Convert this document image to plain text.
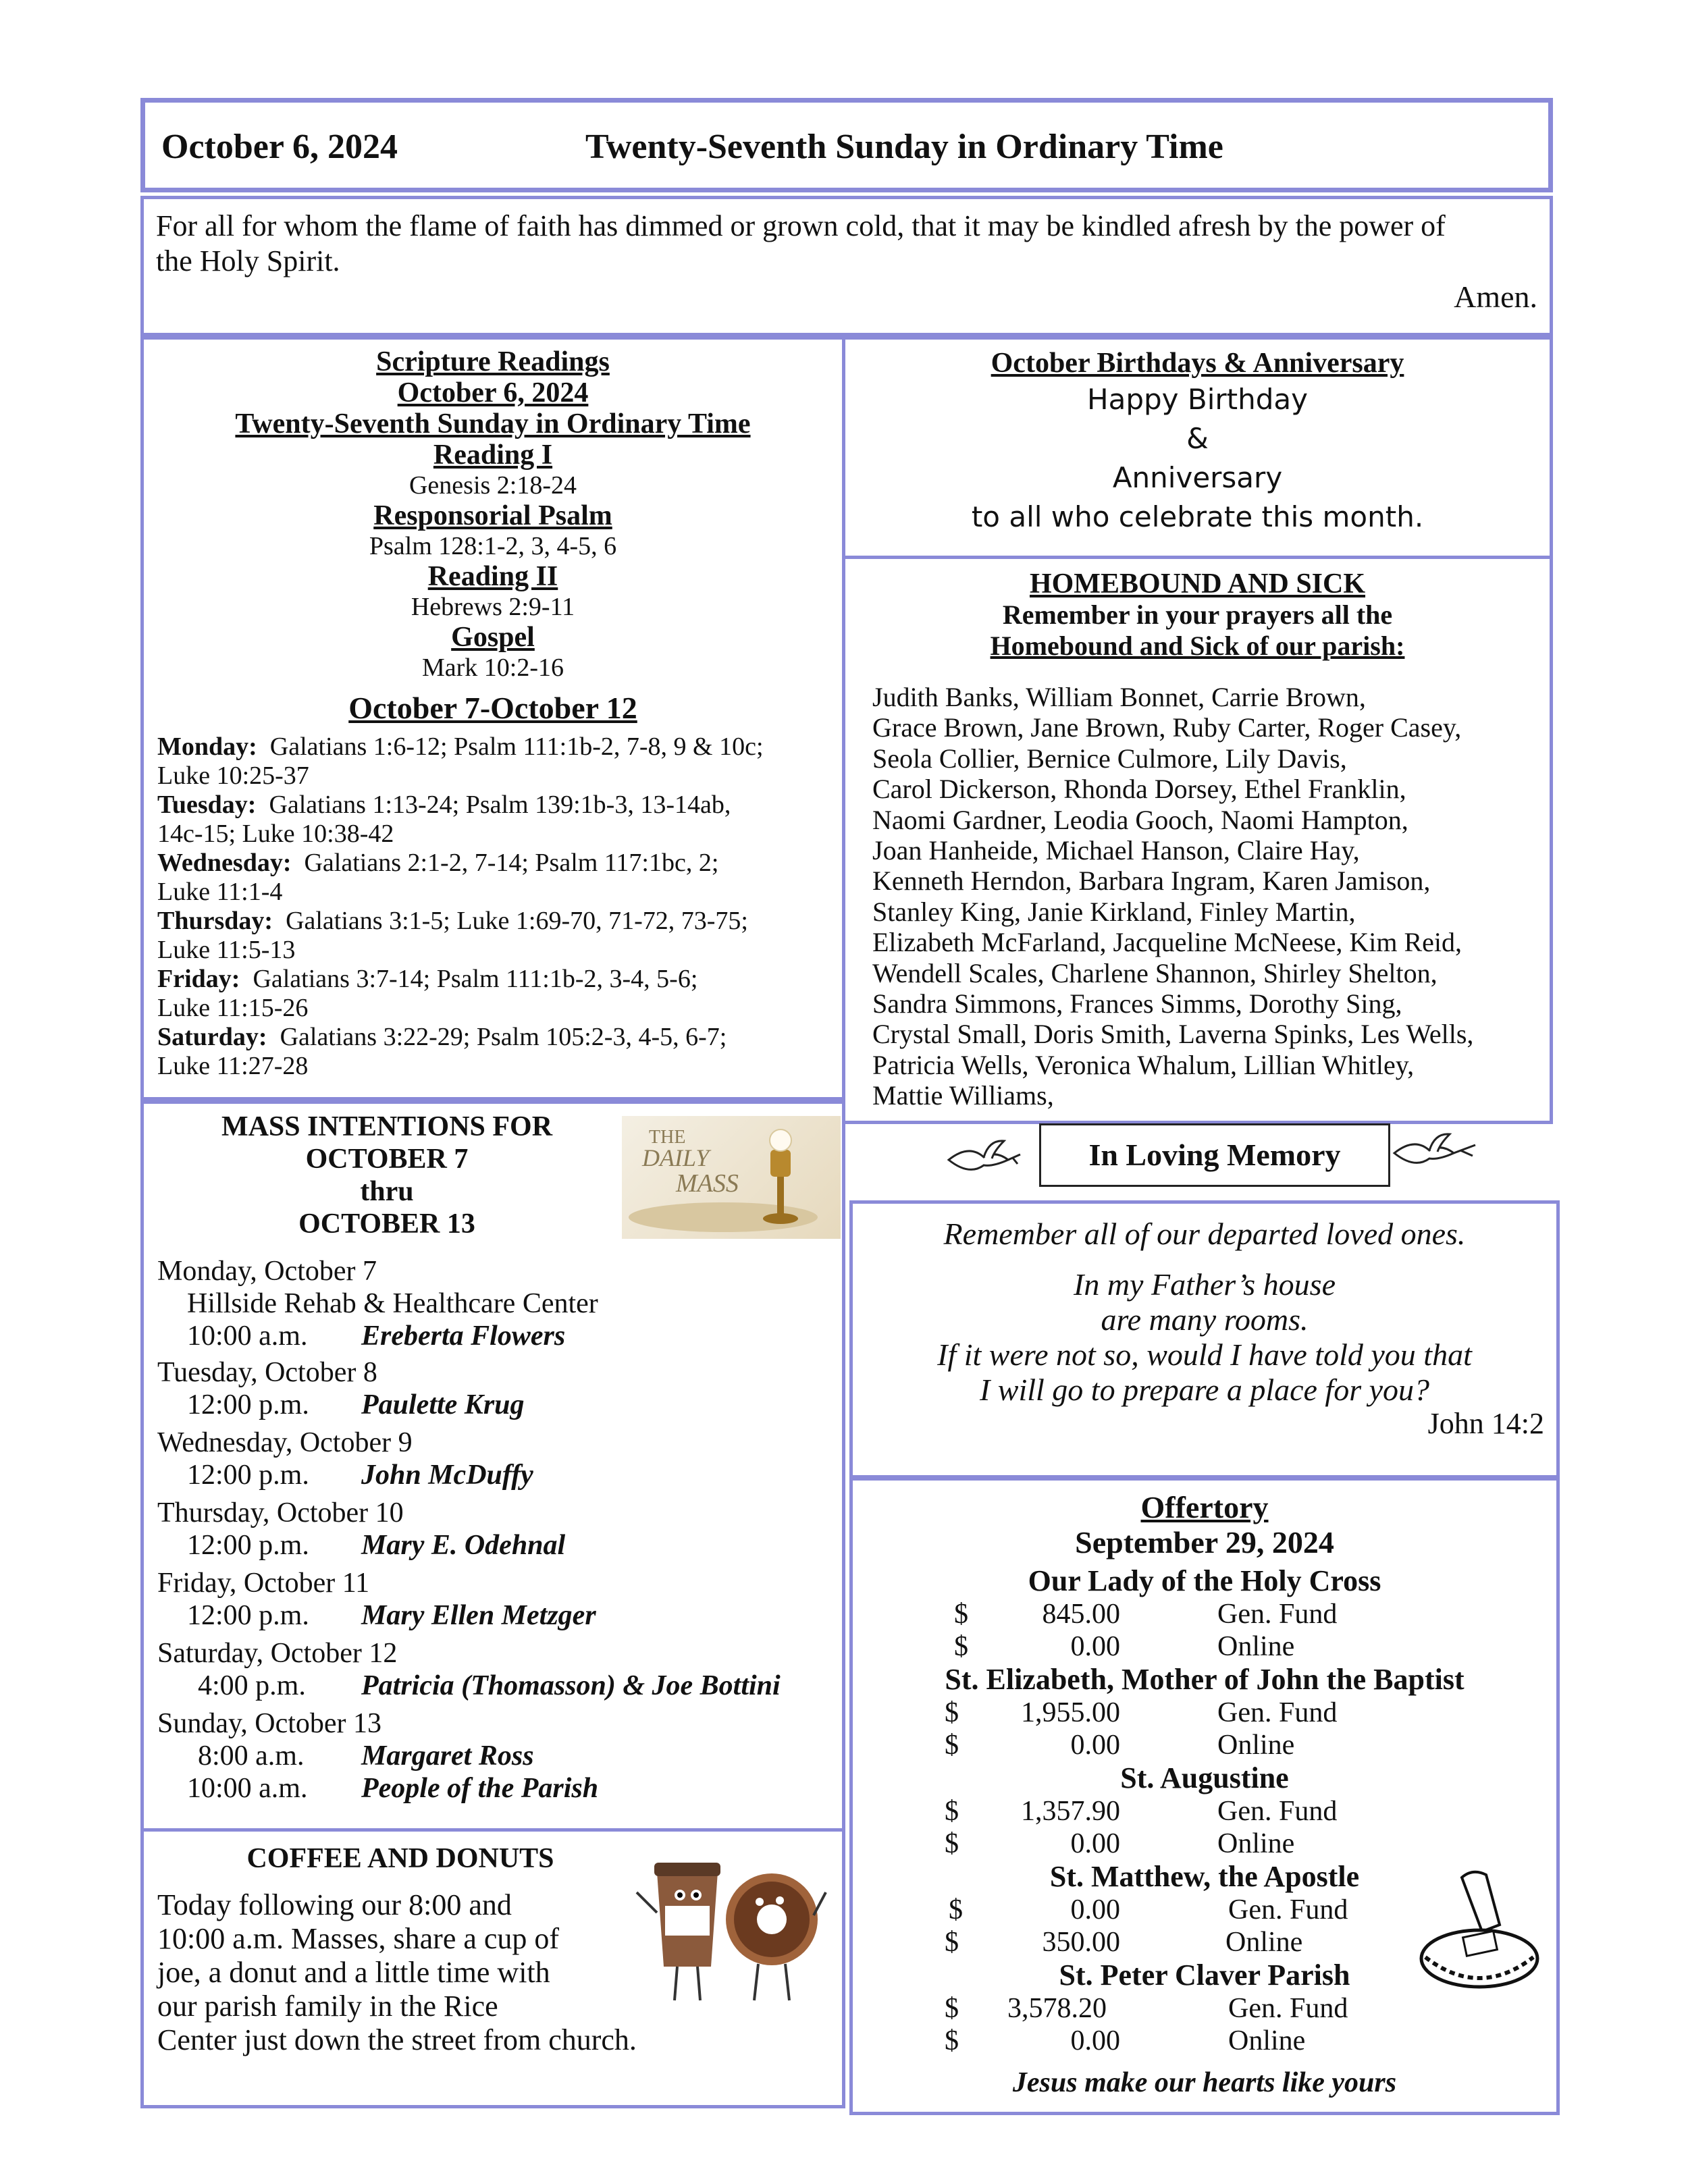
October 6, 2024	Twenty-Seventh Sunday in Ordinary Time
For all for whom the flame of faith has dimmed or grown cold, that it may be kindled afresh by the power of the Holy Spirit.
Amen.
Scripture Readings
October 6, 2024
Twenty-Seventh Sunday in Ordinary Time
Reading I
Genesis 2:18-24
Responsorial Psalm
Psalm 128:1-2, 3, 4-5, 6
Reading II
Hebrews 2:9-11
Gospel
Mark 10:2-16
October 7-October 12
Monday: Galatians 1:6-12; Psalm 111:1b-2, 7-8, 9 & 10c;
Luke 10:25-37
Tuesday: Galatians 1:13-24; Psalm 139:1b-3, 13-14ab,
14c-15; Luke 10:38-42
Wednesday: Galatians 2:1-2, 7-14; Psalm 117:1bc, 2;
Luke 11:1-4
Thursday: Galatians 3:1-5; Luke 1:69-70, 71-72, 73-75;
Luke 11:5-13
Friday: Galatians 3:7-14; Psalm 111:1b-2, 3-4, 5-6;
Luke 11:15-26
Saturday: Galatians 3:22-29; Psalm 105:2-3, 4-5, 6-7;
Luke 11:27-28
October Birthdays & Anniversary
Happy Birthday
&
Anniversary
to all who celebrate this month.
HOMEBOUND AND SICK
Remember in your prayers all the
Homebound and Sick of our parish:
Judith Banks, William Bonnet, Carrie Brown,
Grace Brown, Jane Brown, Ruby Carter, Roger Casey,
Seola Collier, Bernice Culmore, Lily Davis,
Carol Dickerson, Rhonda Dorsey, Ethel Franklin,
Naomi Gardner, Leodia Gooch, Naomi Hampton,
Joan Hanheide, Michael Hanson, Claire Hay,
Kenneth Herndon, Barbara Ingram, Karen Jamison,
Stanley King, Janie Kirkland, Finley Martin,
Elizabeth McFarland, Jacqueline McNeese, Kim Reid,
Wendell Scales, Charlene Shannon, Shirley Shelton,
Sandra Simmons, Frances Simms, Dorothy Sing,
Crystal Small, Doris Smith, Laverna Spinks, Les Wells,
Patricia Wells, Veronica Whalum, Lillian Whitley,
Mattie Williams,
MASS INTENTIONS FOR
OCTOBER 7
thru
OCTOBER 13
THE
DAILY
MASS
Monday, October 7
Hillside Rehab & Healthcare Center
10:00 a.m. Ereberta Flowers
Tuesday, October 8
12:00 p.m. Paulette Krug
Wednesday, October 9
12:00 p.m. John McDuffy
Thursday, October 10
12:00 p.m. Mary E. Odehnal
Friday, October 11
12:00 p.m. Mary Ellen Metzger
Saturday, October 12
4:00 p.m. Patricia (Thomasson) & Joe Bottini
Sunday, October 13
8:00 a.m. Margaret Ross
10:00 a.m. People of the Parish
COFFEE AND DONUTS
Today following our 8:00 and
10:00 a.m. Masses, share a cup of
joe, a donut and a little time with
our parish family in the Rice
Center just down the street from church.
In Loving Memory
Remember all of our departed loved ones.
In my Father’s house
are many rooms.
If it were not so, would I have told you that
I will go to prepare a place for you?
John 14:2
Offertory
September 29, 2024
Our Lady of the Holy Cross
$	845.00	Gen. Fund
$	0.00	Online
St. Elizabeth, Mother of John the Baptist
$	1,955.00	Gen. Fund
$	0.00	Online
St. Augustine
$	1,357.90	Gen. Fund
$	0.00	Online
St. Matthew, the Apostle
$	0.00	Gen. Fund
$	350.00	Online
St. Peter Claver Parish
$	3,578.20	Gen. Fund
$	0.00	Online
Jesus make our hearts like yours
